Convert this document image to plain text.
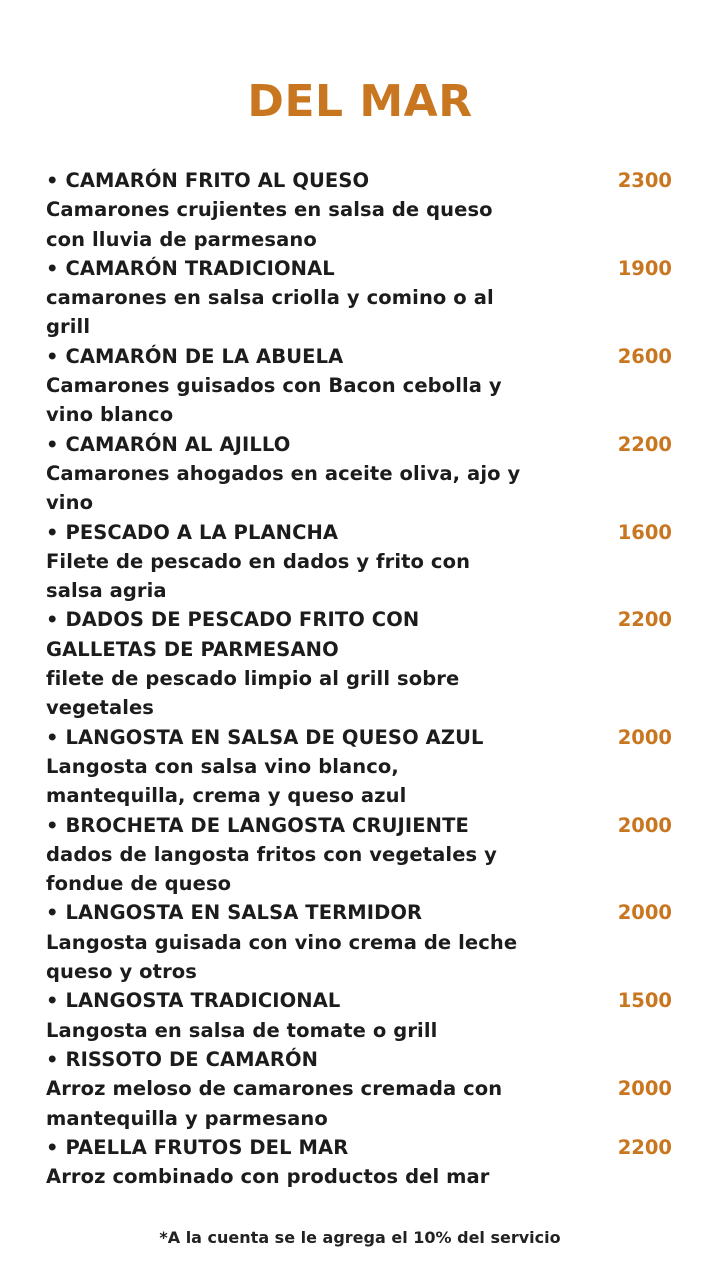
DEL MAR
• CAMARÓN FRITO AL QUESO
Camarones crujientes en salsa de queso con lluvia de parmesano
2300
• CAMARÓN TRADICIONAL
camarones en salsa criolla y comino o al grill
1900
• CAMARÓN DE LA ABUELA
Camarones guisados con Bacon cebolla y vino blanco
2600
• CAMARÓN AL AJILLO
Camarones ahogados en aceite oliva, ajo y vino
2200
• PESCADO A LA PLANCHA
Filete de pescado en dados y frito con salsa agria
1600
• DADOS DE PESCADO FRITO CON GALLETAS DE PARMESANO
filete de pescado limpio al grill sobre vegetales
2200
• LANGOSTA EN SALSA DE QUESO AZUL
Langosta con salsa vino blanco, mantequilla, crema y queso azul
2000
• BROCHETA DE LANGOSTA CRUJIENTE
dados de langosta fritos con vegetales y fondue de queso
2000
• LANGOSTA EN SALSA TERMIDOR
Langosta guisada con vino crema de leche queso y otros
2000
• LANGOSTA TRADICIONAL
Langosta en salsa de tomate o grill
1500
• RISSOTO DE CAMARÓN
Arroz meloso de camarones cremada con mantequilla y parmesano
2000
• PAELLA FRUTOS DEL MAR
Arroz combinado con productos del mar
2200
*A la cuenta se le agrega el 10% del servicio
